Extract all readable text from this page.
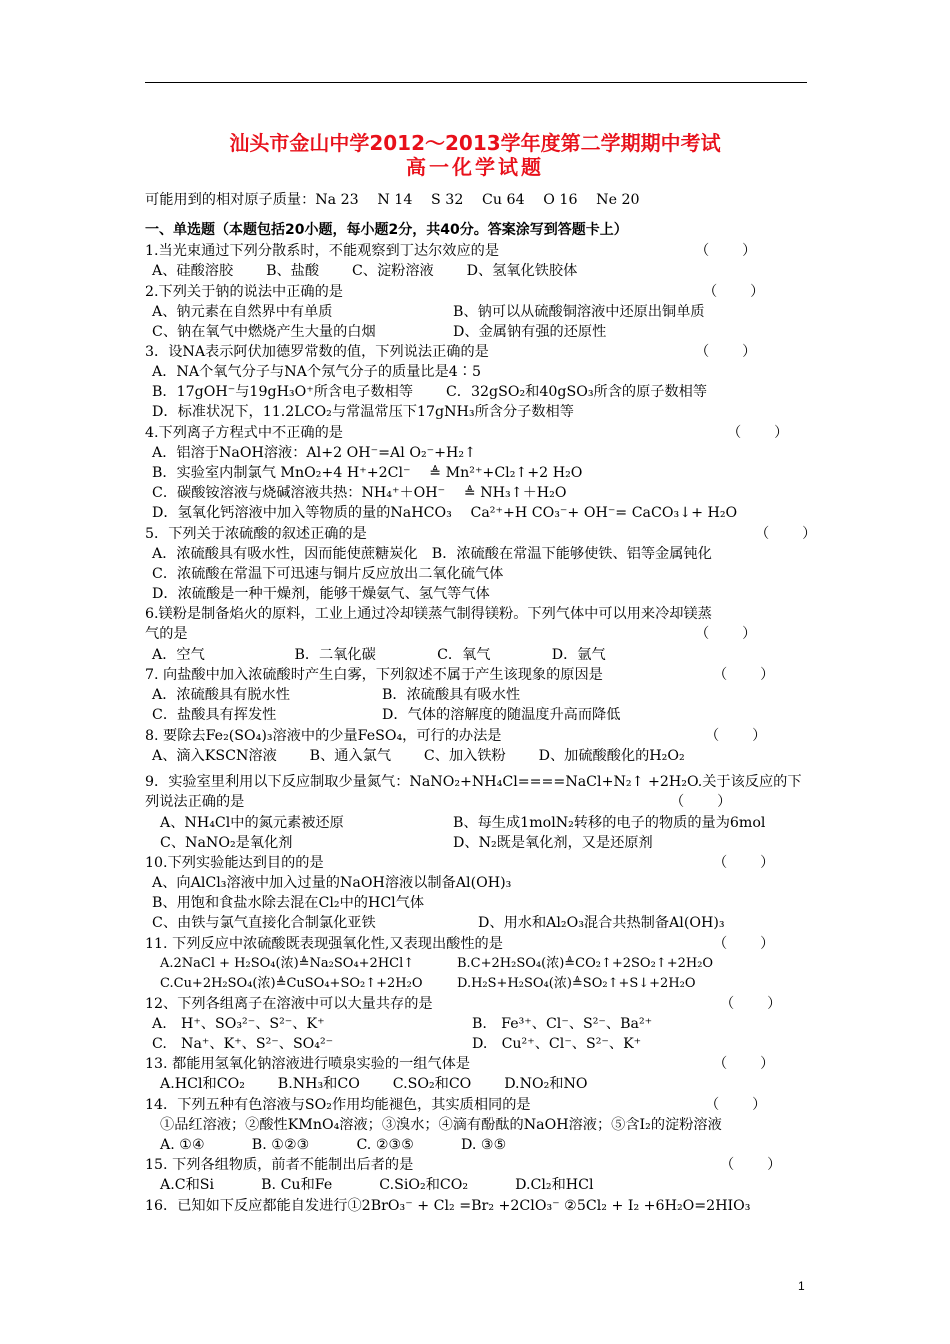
汕头市金山中学2012～2013学年度第二学期期中考试
高一化学试题
可能用到的相对原子质量：Na 23　 N 14　 S 32　 Cu 64　 O 16　 Ne 20
一、单选题（本题包括20小题，每小题2分，共40分。答案涂写到答题卡上）
1.当光束通过下列分散系时，不能观察到丁达尔效应的是	（　　 ）
A、硅酸溶胶　　 B、盐酸　　 C、淀粉溶液　　 D、氢氧化铁胶体
2.下列关于钠的说法中正确的是	（　　 ）
A、钠元素在自然界中有单质	B、钠可以从硫酸铜溶液中还原出铜单质
C、钠在氧气中燃烧产生大量的白烟	D、金属钠有强的还原性
3．设NA表示阿伏加德罗常数的值，下列说法正确的是	（　　 ）
A．NA个氧气分子与NA个氖气分子的质量比是4∶5
B．17gOH⁻与19gH₃O⁺所含电子数相等　　 C．32gSO₂和40gSO₃所含的原子数相等
D．标准状况下，11.2LCO₂与常温常压下17gNH₃所含分子数相等
4.下列离子方程式中不正确的是	（　　 ）
A．铝溶于NaOH溶液：Al+2 OH⁻=Al O₂⁻+H₂↑
B．实验室内制氯气 MnO₂+4 H⁺+2Cl⁻　 ≜ Mn²⁺+Cl₂↑+2 H₂O
C．碳酸铵溶液与烧碱溶液共热：NH₄⁺＋OH⁻　 ≜ NH₃↑＋H₂O
D．氢氧化钙溶液中加入等物质的量的NaHCO₃　 Ca²⁺+H CO₃⁻+ OH⁻= CaCO₃↓+ H₂O
5．下列关于浓硫酸的叙述正确的是	（　　 ）
A．浓硫酸具有吸水性，因而能使蔗糖炭化　B．浓硫酸在常温下能够使铁、铝等金属钝化
C．浓硫酸在常温下可迅速与铜片反应放出二氧化硫气体
D．浓硫酸是一种干燥剂，能够干燥氨气、氢气等气体
6.镁粉是制备焰火的原料，工业上通过冷却镁蒸气制得镁粉。下列气体中可以用来冷却镁蒸
气的是	（　　 ）
A．空气　　　　　　 B．二氧化碳　　　　 C．氧气　　　　 D．氩气
7. 向盐酸中加入浓硫酸时产生白雾，下列叙述不属于产生该现象的原因是	（　　 ）
A．浓硫酸具有脱水性	B．浓硫酸具有吸水性
C．盐酸具有挥发性	D．气体的溶解度的随温度升高而降低
8. 要除去Fe₂(SO₄)₃溶液中的少量FeSO₄，可行的办法是	（　　 ）
A、滴入KSCN溶液　　 B、通入氯气　　 C、加入铁粉　　 D、加硫酸酸化的H₂O₂
9．实验室里利用以下反应制取少量氮气：NaNO₂+NH₄Cl====NaCl+N₂↑ +2H₂O.关于该反应的下
列说法正确的是	（　　 ）
A、NH₄Cl中的氮元素被还原	B、每生成1molN₂转移的电子的物质的量为6mol
C、NaNO₂是氧化剂	D、N₂既是氧化剂，又是还原剂
10.下列实验能达到目的的是	（　　 ）
A、向AlCl₃溶液中加入过量的NaOH溶液以制备Al(OH)₃
B、用饱和食盐水除去混在Cl₂中的HCl气体
C、由铁与氯气直接化合制氯化亚铁	D、用水和Al₂O₃混合共热制备Al(OH)₃
11. 下列反应中浓硫酸既表现强氧化性,又表现出酸性的是	（　　 ）
A.2NaCl + H₂SO₄(浓)≜Na₂SO₄+2HCl↑	B.C+2H₂SO₄(浓)≜CO₂↑+2SO₂↑+2H₂O
C.Cu+2H₂SO₄(浓)≜CuSO₄+SO₂↑+2H₂O	D.H₂S+H₂SO₄(浓)≜SO₂↑+S↓+2H₂O
12、下列各组离子在溶液中可以大量共存的是	（　　 ）
A.　H⁺、SO₃²⁻、S²⁻、K⁺	B.　Fe³⁺、Cl⁻、S²⁻、Ba²⁺
C.　Na⁺、K⁺、S²⁻、SO₄²⁻	D.　Cu²⁺、Cl⁻、S²⁻、K⁺
13. 都能用氢氧化钠溶液进行喷泉实验的一组气体是	（　　 ）
A.HCl和CO₂　　 B.NH₃和CO　　 C.SO₂和CO　　 D.NO₂和NO
14．下列五种有色溶液与SO₂作用均能褪色，其实质相同的是	（　　 ）
①品红溶液；②酸性KMnO₄溶液；③溴水；④滴有酚酞的NaOH溶液；⑤含I₂的淀粉溶液
A. ①④　　　 B. ①②③　　　 C. ②③⑤　　　 D. ③⑤
15. 下列各组物质，前者不能制出后者的是	（　　 ）
A.C和Si　　　 B. Cu和Fe　　　 C.SiO₂和CO₂　　　 D.Cl₂和HCl
16．已知如下反应都能自发进行①2BrO₃⁻ + Cl₂ =Br₂ +2ClO₃⁻ ②5Cl₂ + I₂ +6H₂O=2HIO₃
1
